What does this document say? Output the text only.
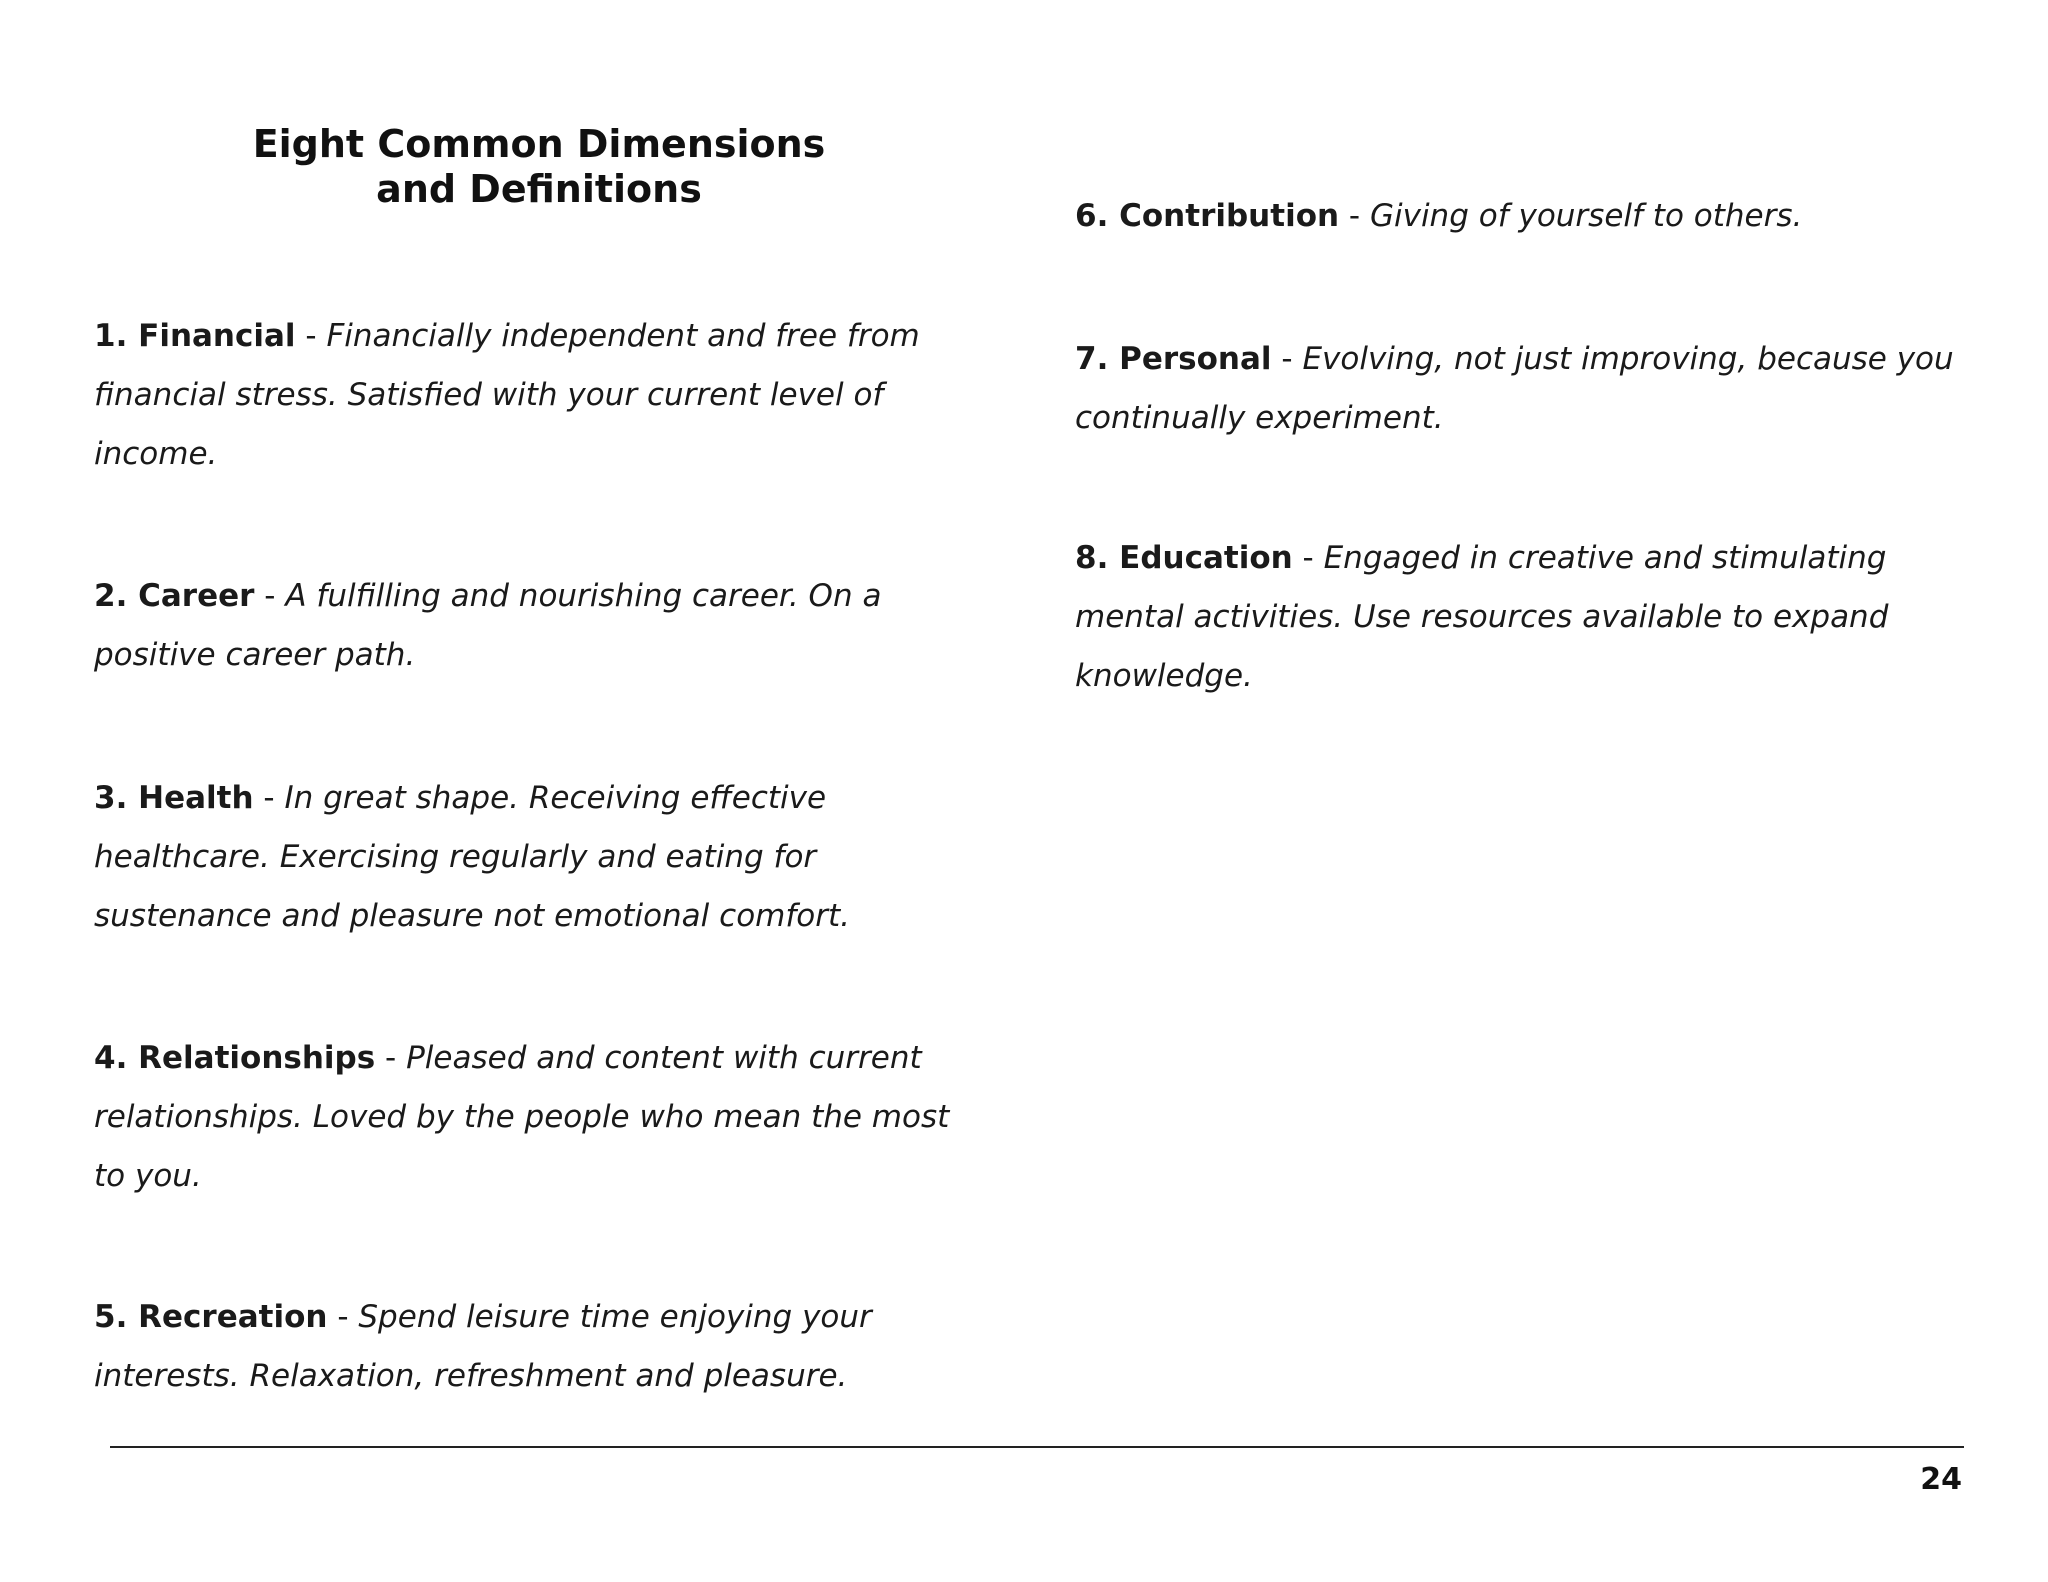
Eight Common Dimensions
and Definitions
1. Financial - Financially independent and free from financial stress. Satisfied with your current level of income.
2. Career - A fulfilling and nourishing career. On a positive career path.
3. Health - In great shape. Receiving effective healthcare. Exercising regularly and eating for sustenance and pleasure not emotional comfort.
4. Relationships - Pleased and content with current relationships. Loved by the people who mean the most to you.
5. Recreation - Spend leisure time enjoying your interests. Relaxation, refreshment and pleasure.
6. Contribution - Giving of yourself to others.
7. Personal - Evolving, not just improving, because you continually experiment.
8. Education - Engaged in creative and stimulating mental activities. Use resources available to expand knowledge.
24
